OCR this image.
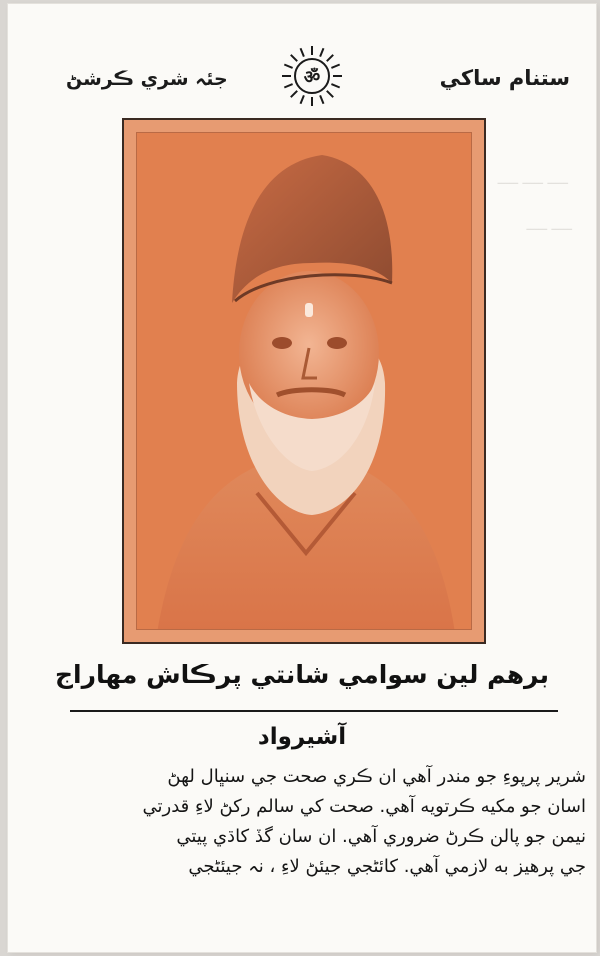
ـــــ ـــــ ـــــ
ـــــ ـــــ
جئہ شري ڪرشڻ	ॐ	ستنام ساکي
برهم لين سوامي شانتي پرڪاش مهاراج
آشيرواد
شرير پرپوءِ جو مندر آهي ان ڪري صحت جي سنڀال لهڻ
اسان جو مکيه ڪرتويه آهي. صحت کي سالم رکڻ لاءِ قدرتي
نيمن جو پالن ڪرڻ ضروري آهي. ان سان گڏ کاڌي پيتي
جي پرهيز به لازمي آهي. کائڻجي جيئڻ لاءِ ، نہ جيئڻجي
